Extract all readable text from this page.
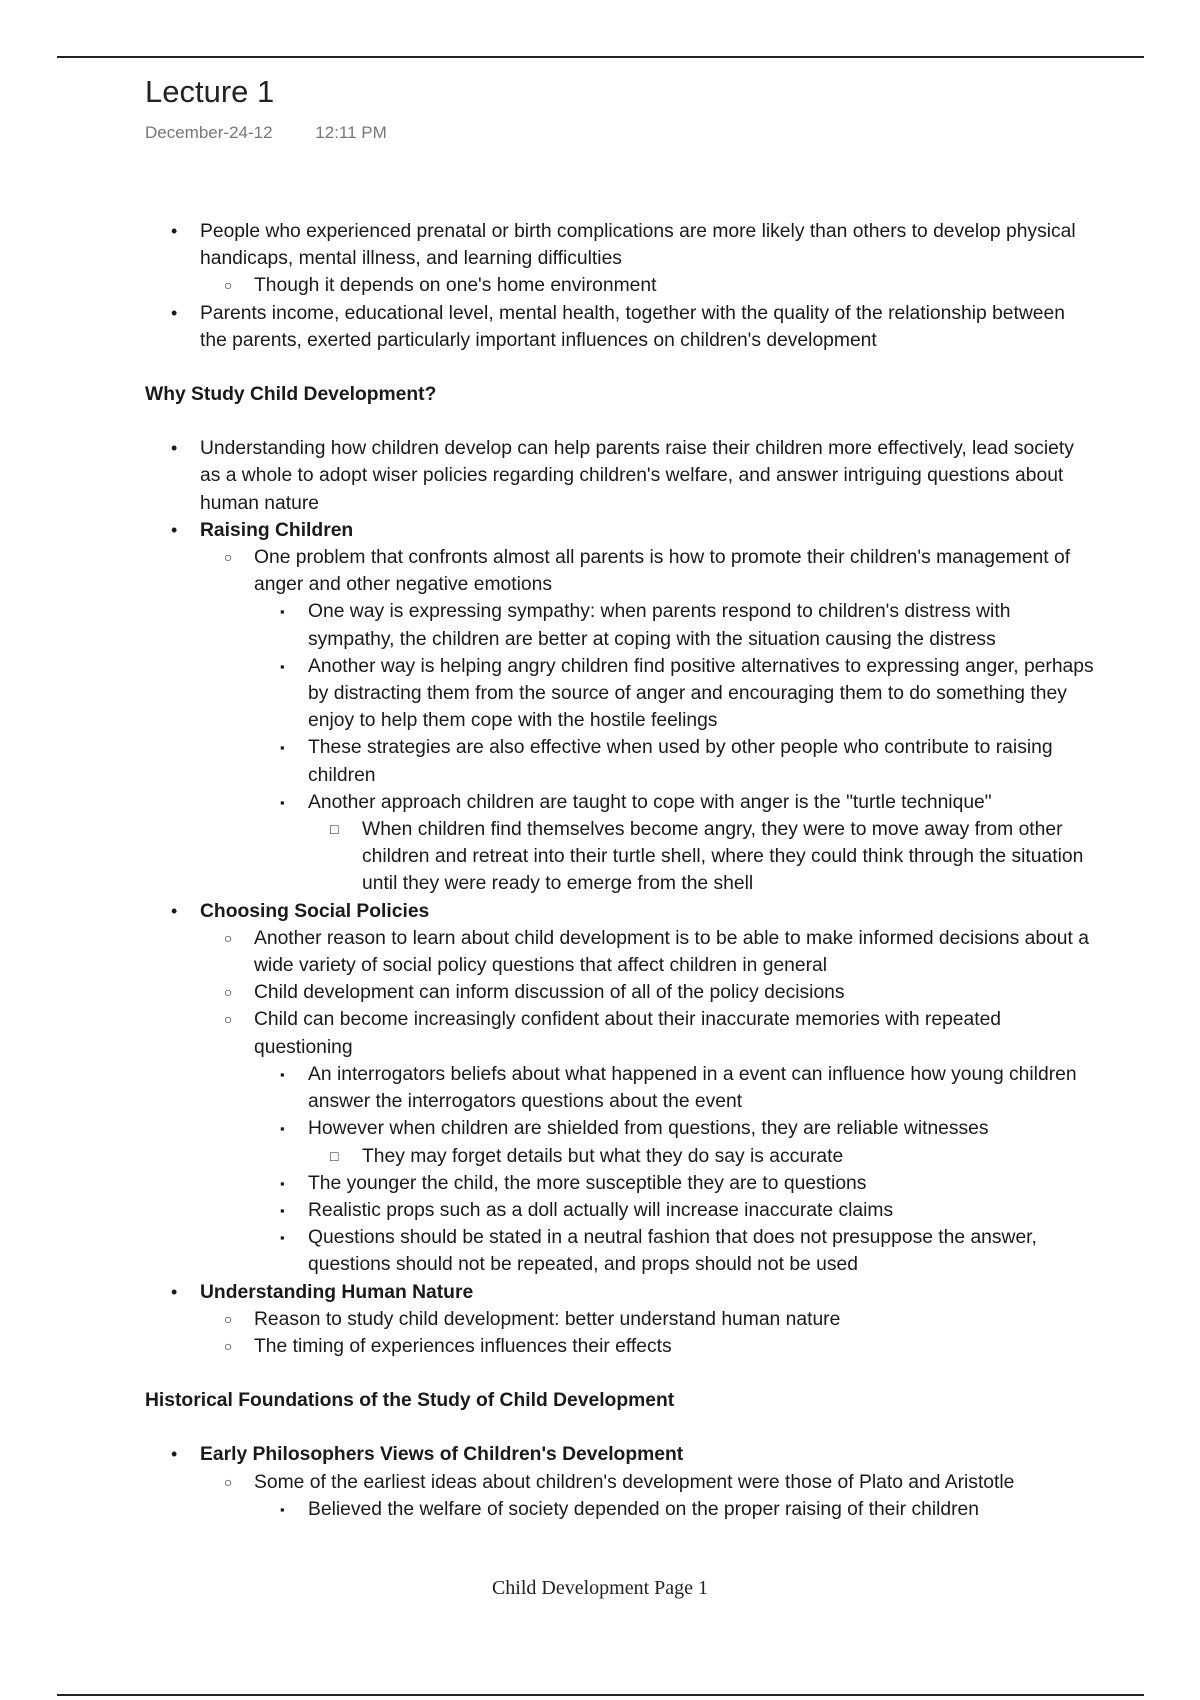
Lecture 1
December-24-12	12:11 PM
• People who experienced prenatal or birth complications are more likely than others to develop physical handicaps, mental illness, and learning difficulties
○ Though it depends on one's home environment
• Parents income, educational level, mental health, together with the quality of the relationship between the parents, exerted particularly important influences on children's development

Why Study Child Development?

• Understanding how children develop can help parents raise their children more effectively, lead society as a whole to adopt wiser policies regarding children's welfare, and answer intriguing questions about human nature
• Raising Children
○ One problem that confronts almost all parents is how to promote their children's management of anger and other negative emotions
▪ One way is expressing sympathy: when parents respond to children's distress with sympathy, the children are better at coping with the situation causing the distress
▪ Another way is helping angry children find positive alternatives to expressing anger, perhaps by distracting them from the source of anger and encouraging them to do something they enjoy to help them cope with the hostile feelings
▪ These strategies are also effective when used by other people who contribute to raising children
▪ Another approach children are taught to cope with anger is the "turtle technique"
□ When children find themselves become angry, they were to move away from other children and retreat into their turtle shell, where they could think through the situation until they were ready to emerge from the shell
• Choosing Social Policies
○ Another reason to learn about child development is to be able to make informed decisions about a wide variety of social policy questions that affect children in general
○ Child development can inform discussion of all of the policy decisions
○ Child can become increasingly confident about their inaccurate memories with repeated questioning
▪ An interrogators beliefs about what happened in a event can influence how young children answer the interrogators questions about the event
▪ However when children are shielded from questions, they are reliable witnesses
□ They may forget details but what they do say is accurate
▪ The younger the child, the more susceptible they are to questions
▪ Realistic props such as a doll actually will increase inaccurate claims
▪ Questions should be stated in a neutral fashion that does not presuppose the answer, questions should not be repeated, and props should not be used
• Understanding Human Nature
○ Reason to study child development: better understand human nature
○ The timing of experiences influences their effects

Historical Foundations of the Study of Child Development

• Early Philosophers Views of Children's Development
○ Some of the earliest ideas about children's development were those of Plato and Aristotle
▪ Believed the welfare of society depended on the proper raising of their children
Child Development Page 1
